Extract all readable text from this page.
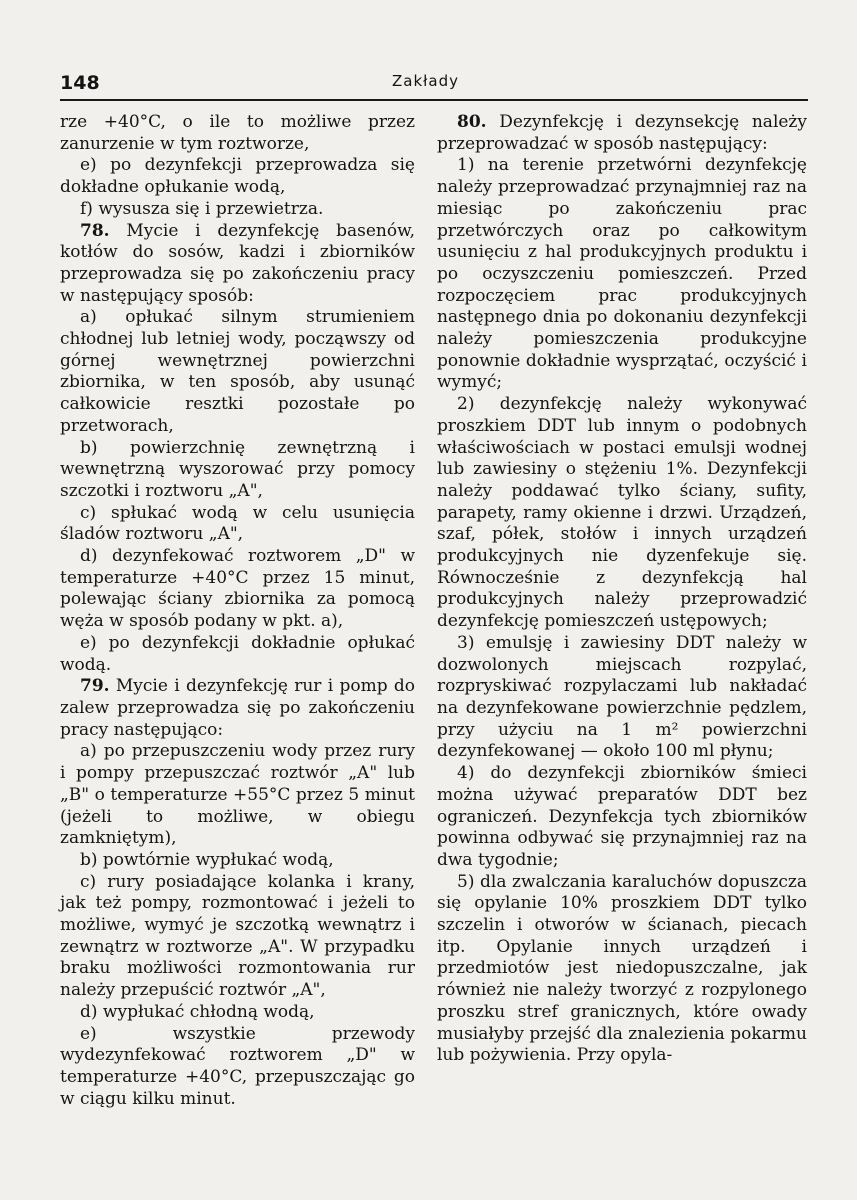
148	Zakłady

rze +40°C, o ile to możliwe przez zanurzenie w tym roztworze,

e) po dezynfekcji przeprowadza się dokładne opłukanie wodą,

f) wysusza się i przewietrza.

78. Mycie i dezynfekcję basenów, kotłów do sosów, kadzi i zbiorników przeprowadza się po zakończeniu pracy w następujący sposób:

a) opłukać silnym strumieniem chłodnej lub letniej wody, począwszy od górnej wewnętrznej powierzchni zbiornika, w ten sposób, aby usunąć całkowicie resztki pozostałe po przetworach,

b) powierzchnię zewnętrzną i wewnętrzną wyszorować przy pomocy szczotki i roztworu „A",

c) spłukać wodą w celu usunięcia śladów roztworu „A",

d) dezynfekować roztworem „D" w temperaturze +40°C przez 15 minut, polewając ściany zbiornika za pomocą węża w sposób podany w pkt. a),

e) po dezynfekcji dokładnie opłukać wodą.

79. Mycie i dezynfekcję rur i pomp do zalew przeprowadza się po zakończeniu pracy następująco:

a) po przepuszczeniu wody przez rury i pompy przepuszczać roztwór „A" lub „B" o temperaturze +55°C przez 5 minut (jeżeli to możliwe, w obiegu zamkniętym),

b) powtórnie wypłukać wodą,

c) rury posiadające kolanka i krany, jak też pompy, rozmontować i jeżeli to możliwe, wymyć je szczotką wewnątrz i zewnątrz w roztworze „A". W przypadku braku możliwości rozmontowania rur należy przepuścić roztwór „A",

d) wypłukać chłodną wodą,

e) wszystkie przewody wydezynfekować roztworem „D" w temperaturze +40°C, przepuszczając go w ciągu kilku minut.

80. Dezynfekcję i dezynsekcję należy przeprowadzać w sposób następujący:

1) na terenie przetwórni dezynfekcję należy przeprowadzać przynajmniej raz na miesiąc po zakończeniu prac przetwórczych oraz po całkowitym usunięciu z hal produkcyjnych produktu i po oczyszczeniu pomieszczeń. Przed rozpoczęciem prac produkcyjnych następnego dnia po dokonaniu dezynfekcji należy pomieszczenia produkcyjne ponownie dokładnie wysprzątać, oczyścić i wymyć;

2) dezynfekcję należy wykonywać proszkiem DDT lub innym o podobnych właściwościach w postaci emulsji wodnej lub zawiesiny o stężeniu 1%. Dezynfekcji należy poddawać tylko ściany, sufity, parapety, ramy okienne i drzwi. Urządzeń, szaf, półek, stołów i innych urządzeń produkcyjnych nie dyzenfekuje się. Równocześnie z dezynfekcją hal produkcyjnych należy przeprowadzić dezynfekcję pomieszczeń ustępowych;

3) emulsję i zawiesiny DDT należy w dozwolonych miejscach rozpylać, rozpryskiwać rozpylaczami lub nakładać na dezynfekowane powierzchnie pędzlem, przy użyciu na 1 m² powierzchni dezynfekowanej — około 100 ml płynu;

4) do dezynfekcji zbiorników śmieci można używać preparatów DDT bez ograniczeń. Dezynfekcja tych zbiorników powinna odbywać się przynajmniej raz na dwa tygodnie;

5) dla zwalczania karaluchów dopuszcza się opylanie 10% proszkiem DDT tylko szczelin i otworów w ścianach, piecach itp. Opylanie innych urządzeń i przedmiotów jest niedopuszczalne, jak również nie należy tworzyć z rozpylonego proszku stref granicznych, które owady musiałyby przejść dla znalezienia pokarmu lub pożywienia. Przy opyla-
